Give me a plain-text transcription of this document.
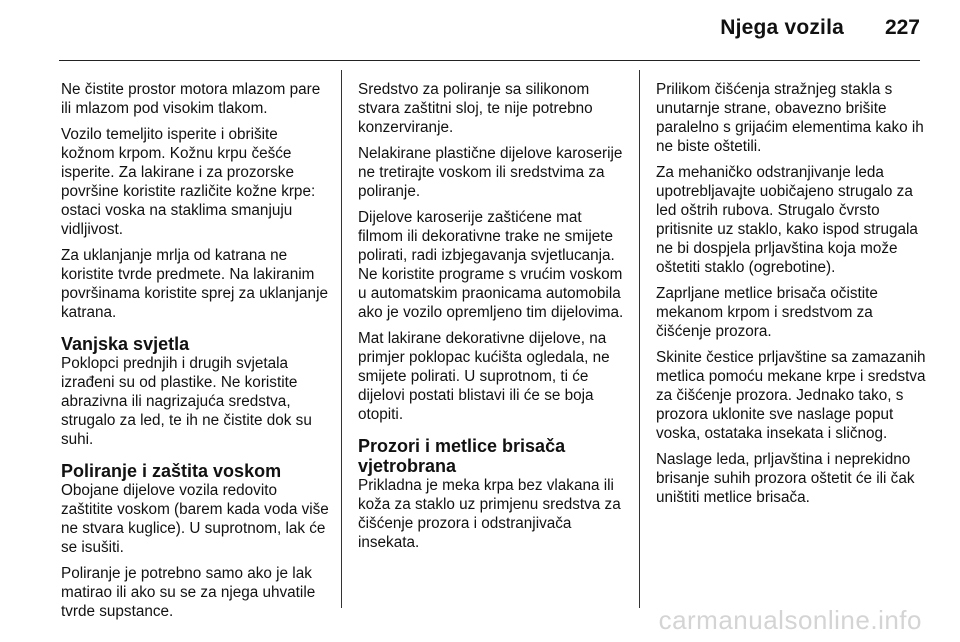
Njega vozila 227

Ne čistite prostor motora mlazom pare ili mlazom pod visokim tlakom.

Vozilo temeljito isperite i obrišite kožnom krpom. Kožnu krpu češće isperite. Za lakirane i za prozorske površine koristite različite kožne krpe: ostaci voska na staklima smanjuju vidljivost.

Za uklanjanje mrlja od katrana ne koristite tvrde predmete. Na lakiranim površinama koristite sprej za uklanjanje katrana.

Vanjska svjetla

Poklopci prednjih i drugih svjetala izrađeni su od plastike. Ne koristite abrazivna ili nagrizajuća sredstva, strugalo za led, te ih ne čistite dok su suhi.

Poliranje i zaštita voskom

Obojane dijelove vozila redovito zaštitite voskom (barem kada voda više ne stvara kuglice). U suprotnom, lak će se isušiti.

Poliranje je potrebno samo ako je lak matirao ili ako su se za njega uhvatile tvrde supstance.

Sredstvo za poliranje sa silikonom stvara zaštitni sloj, te nije potrebno konzerviranje.

Nelakirane plastične dijelove karoserije ne tretirajte voskom ili sredstvima za poliranje.

Dijelove karoserije zaštićene mat filmom ili dekorativne trake ne smijete polirati, radi izbjegavanja svjetlucanja. Ne koristite programe s vrućim voskom u automatskim praonicama automobila ako je vozilo opremljeno tim dijelovima.

Mat lakirane dekorativne dijelove, na primjer poklopac kućišta ogledala, ne smijete polirati. U suprotnom, ti će dijelovi postati blistavi ili će se boja otopiti.

Prozori i metlice brisača vjetrobrana

Prikladna je meka krpa bez vlakana ili koža za staklo uz primjenu sredstva za čišćenje prozora i odstranjivača insekata.

Prilikom čišćenja stražnjeg stakla s unutarnje strane, obavezno brišite paralelno s grijaćim elementima kako ih ne biste oštetili.

Za mehaničko odstranjivanje leda upotrebljavajte uobičajeno strugalo za led oštrih rubova. Strugalo čvrsto pritisnite uz staklo, kako ispod strugala ne bi dospjela prljavština koja može oštetiti staklo (ogrebotine).

Zaprljane metlice brisača očistite mekanom krpom i sredstvom za čišćenje prozora.

Skinite čestice prljavštine sa zamazanih metlica pomoću mekane krpe i sredstva za čišćenje prozora. Jednako tako, s prozora uklonite sve naslage poput voska, ostataka insekata i sličnog.

Naslage leda, prljavština i neprekidno brisanje suhih prozora oštetit će ili čak uništiti metlice brisača.

carmanualsonline.info
